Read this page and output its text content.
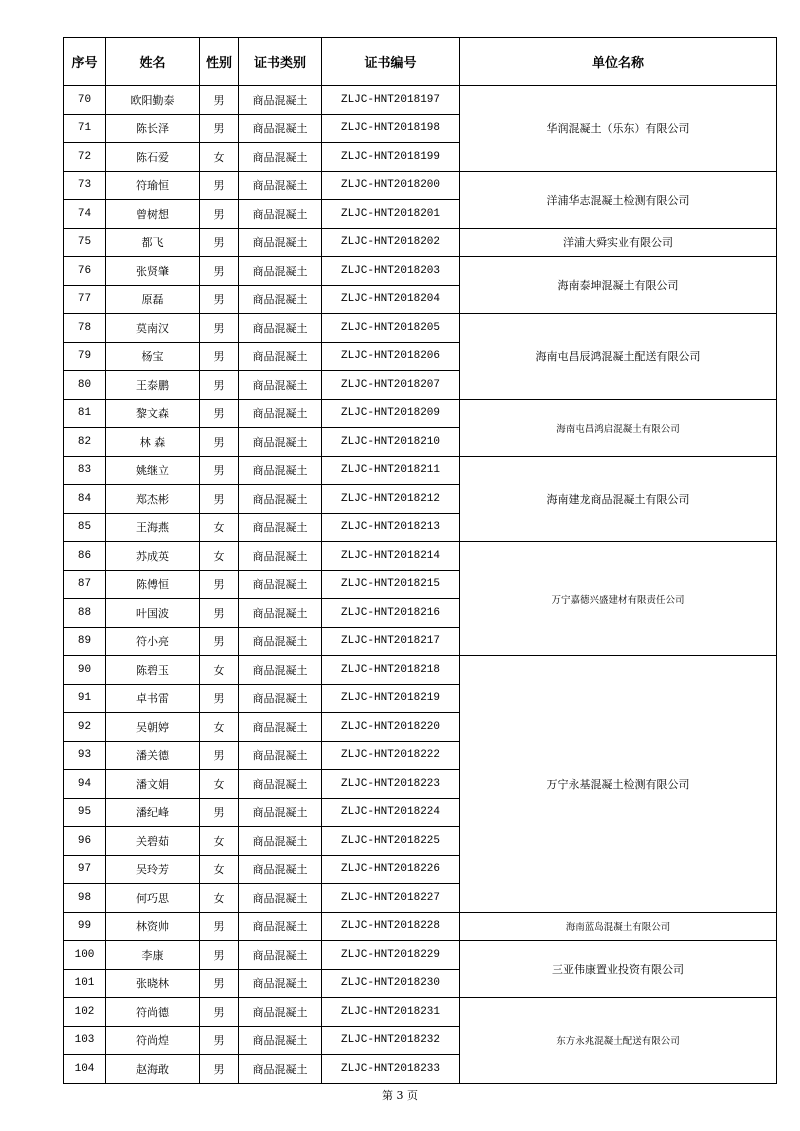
序号	姓名	性别	证书类别	证书编号	单位名称
70	欧阳勤泰	男	商品混凝土	ZLJC-HNT2018197	华润混凝土（乐东）有限公司
71	陈长泽	男	商品混凝土	ZLJC-HNT2018198	
72	陈石爱	女	商品混凝土	ZLJC-HNT2018199	
73	符瑜恒	男	商品混凝土	ZLJC-HNT2018200	洋浦华志混凝土检测有限公司
74	曾树想	男	商品混凝土	ZLJC-HNT2018201	
75	都飞	男	商品混凝土	ZLJC-HNT2018202	洋浦大舜实业有限公司
76	张贤肇	男	商品混凝土	ZLJC-HNT2018203	海南泰坤混凝土有限公司
77	原磊	男	商品混凝土	ZLJC-HNT2018204	
78	莫南汉	男	商品混凝土	ZLJC-HNT2018205	海南屯昌辰鸿混凝土配送有限公司
79	杨宝	男	商品混凝土	ZLJC-HNT2018206	
80	王泰鹏	男	商品混凝土	ZLJC-HNT2018207	
81	黎文森	男	商品混凝土	ZLJC-HNT2018209	海南屯昌鸿启混凝土有限公司
82	林 森	男	商品混凝土	ZLJC-HNT2018210	
83	姚继立	男	商品混凝土	ZLJC-HNT2018211	海南建龙商品混凝土有限公司
84	郑杰彬	男	商品混凝土	ZLJC-HNT2018212	
85	王海燕	女	商品混凝土	ZLJC-HNT2018213	
86	苏成英	女	商品混凝土	ZLJC-HNT2018214	万宁嘉德兴盛建材有限责任公司
87	陈傅恒	男	商品混凝土	ZLJC-HNT2018215	
88	叶国波	男	商品混凝土	ZLJC-HNT2018216	
89	符小亮	男	商品混凝土	ZLJC-HNT2018217	
90	陈碧玉	女	商品混凝土	ZLJC-HNT2018218	万宁永基混凝土检测有限公司
91	卓书雷	男	商品混凝土	ZLJC-HNT2018219	
92	吴朝婷	女	商品混凝土	ZLJC-HNT2018220	
93	潘关德	男	商品混凝土	ZLJC-HNT2018222	
94	潘文娟	女	商品混凝土	ZLJC-HNT2018223	
95	潘纪峰	男	商品混凝土	ZLJC-HNT2018224	
96	关碧茹	女	商品混凝土	ZLJC-HNT2018225	
97	吴玲芳	女	商品混凝土	ZLJC-HNT2018226	
98	何巧思	女	商品混凝土	ZLJC-HNT2018227	
99	林资帅	男	商品混凝土	ZLJC-HNT2018228	海南蓝岛混凝土有限公司
100	李康	男	商品混凝土	ZLJC-HNT2018229	三亚伟康置业投资有限公司
101	张晓林	男	商品混凝土	ZLJC-HNT2018230	
102	符尚德	男	商品混凝土	ZLJC-HNT2018231	东方永兆混凝土配送有限公司
103	符尚煌	男	商品混凝土	ZLJC-HNT2018232	
104	赵海敢	男	商品混凝土	ZLJC-HNT2018233	
第 3 页
